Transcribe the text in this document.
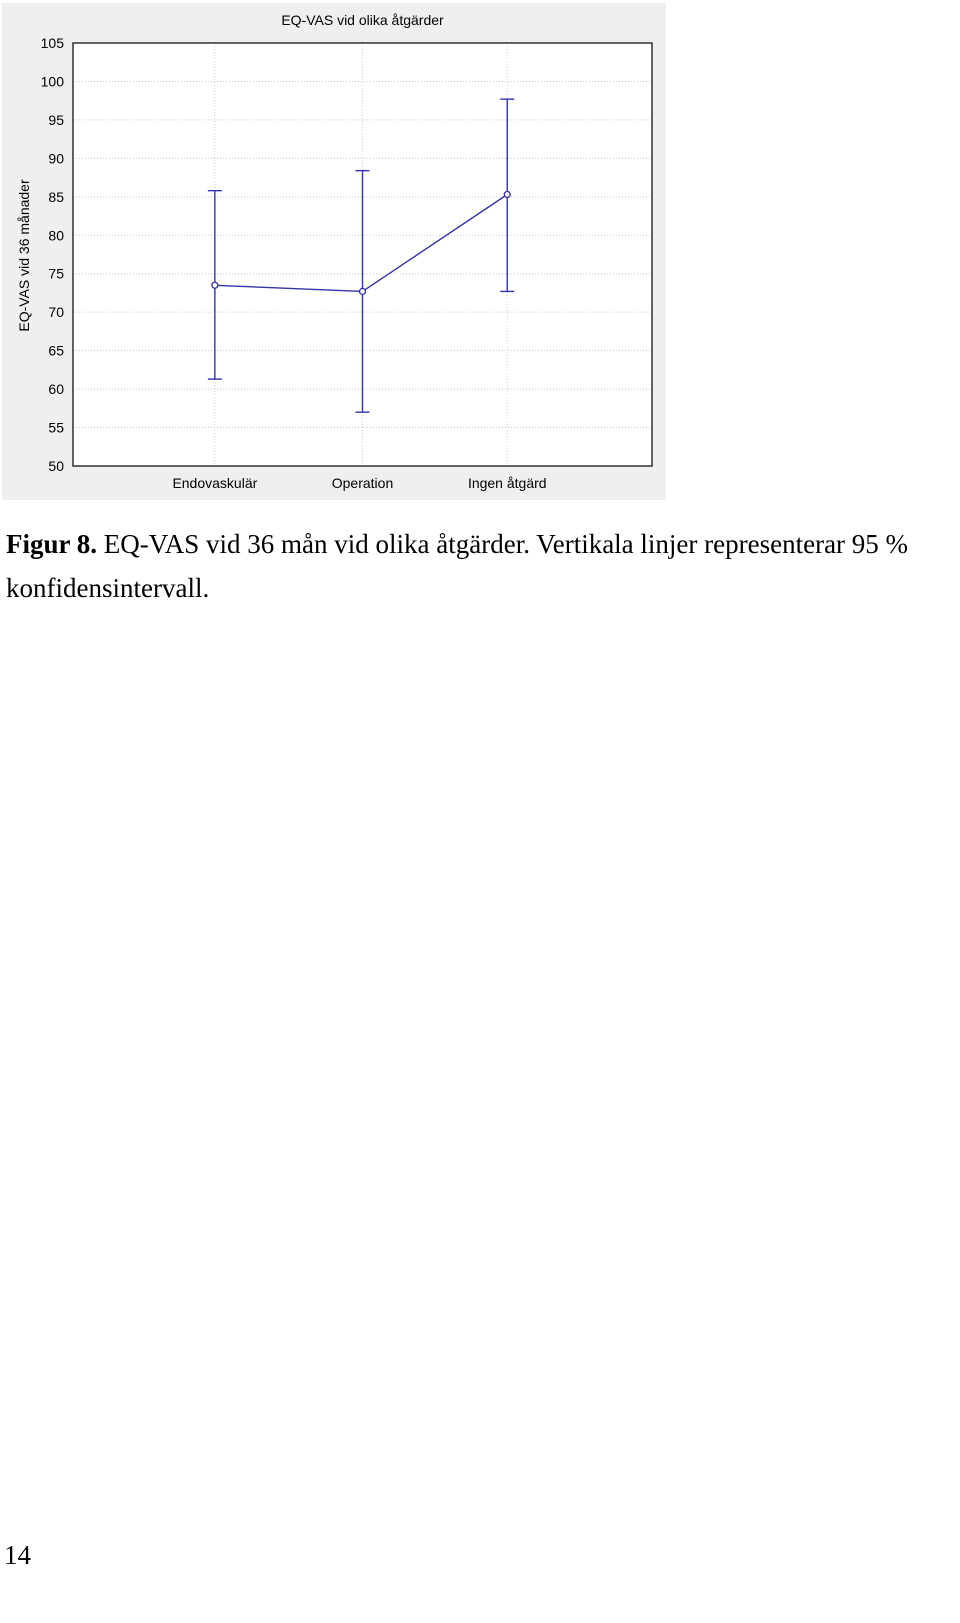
50
55
60
65
70
75
80
85
90
95
100
105
Endovaskulär	Operation	Ingen åtgärd
EQ-VAS vid olika åtgärder
EQ-VAS vid 36 månader

Figur 8. EQ-VAS vid 36 mån vid olika åtgärder. Vertikala linjer representerar 95 % konfidensintervall.

14
